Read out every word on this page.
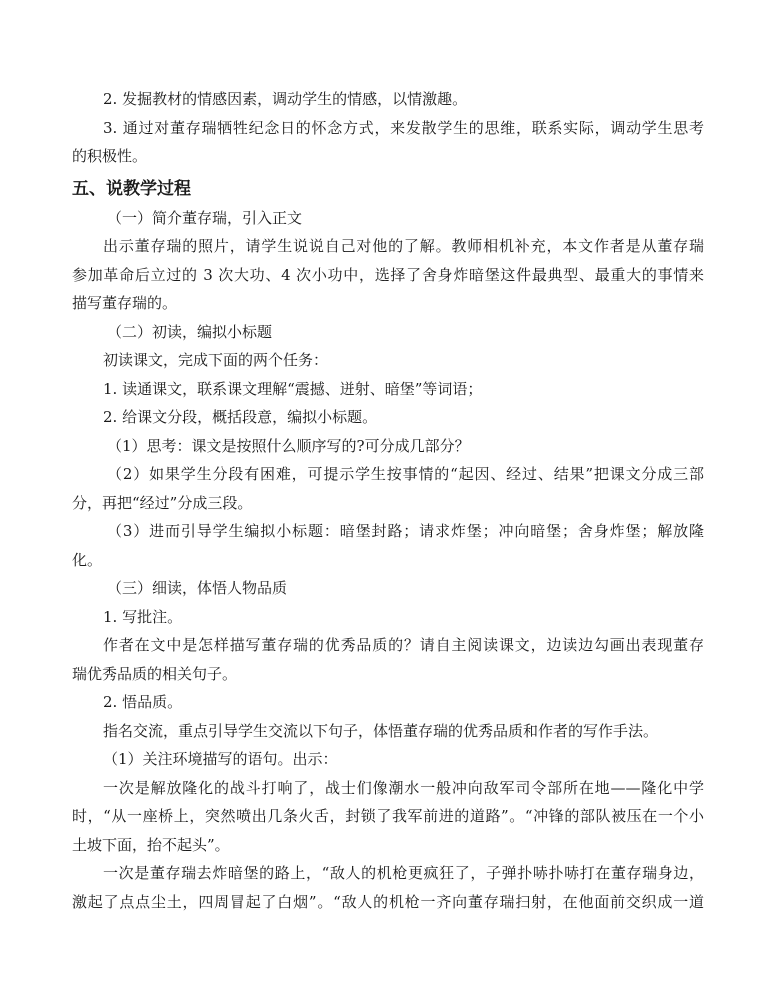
2. 发掘教材的情感因素，调动学生的情感，以情激趣。
3. 通过对董存瑞牺牲纪念日的怀念方式，来发散学生的思维，联系实际，调动学生思考
的积极性。
五、说教学过程
（一）简介董存瑞，引入正文
出示董存瑞的照片，请学生说说自己对他的了解。教师相机补充，本文作者是从董存瑞
参加革命后立过的 3 次大功、4 次小功中，选择了舍身炸暗堡这件最典型、最重大的事情来
描写董存瑞的。
（二）初读，编拟小标题
初读课文，完成下面的两个任务：
1. 读通课文，联系课文理解“震撼、迸射、暗堡”等词语；
2. 给课文分段，概括段意，编拟小标题。
（1）思考：课文是按照什么顺序写的?可分成几部分？
（2）如果学生分段有困难，可提示学生按事情的“起因、经过、结果”把课文分成三部
分，再把“经过”分成三段。
（3）进而引导学生编拟小标题：暗堡封路；请求炸堡；冲向暗堡；舍身炸堡；解放隆
化。
（三）细读，体悟人物品质
1. 写批注。
作者在文中是怎样描写董存瑞的优秀品质的？请自主阅读课文，边读边勾画出表现董存
瑞优秀品质的相关句子。
2. 悟品质。
指名交流，重点引导学生交流以下句子，体悟董存瑞的优秀品质和作者的写作手法。
（1）关注环境描写的语句。出示：
一次是解放隆化的战斗打响了，战士们像潮水一般冲向敌军司令部所在地——隆化中学
时，“从一座桥上，突然喷出几条火舌，封锁了我军前进的道路”。“冲锋的部队被压在一个小
土坡下面，抬不起头”。
一次是董存瑞去炸暗堡的路上，“敌人的机枪更疯狂了，子弹扑哧扑哧打在董存瑞身边，
激起了点点尘土，四周冒起了白烟”。“敌人的机枪一齐向董存瑞扫射，在他面前交织成一道
